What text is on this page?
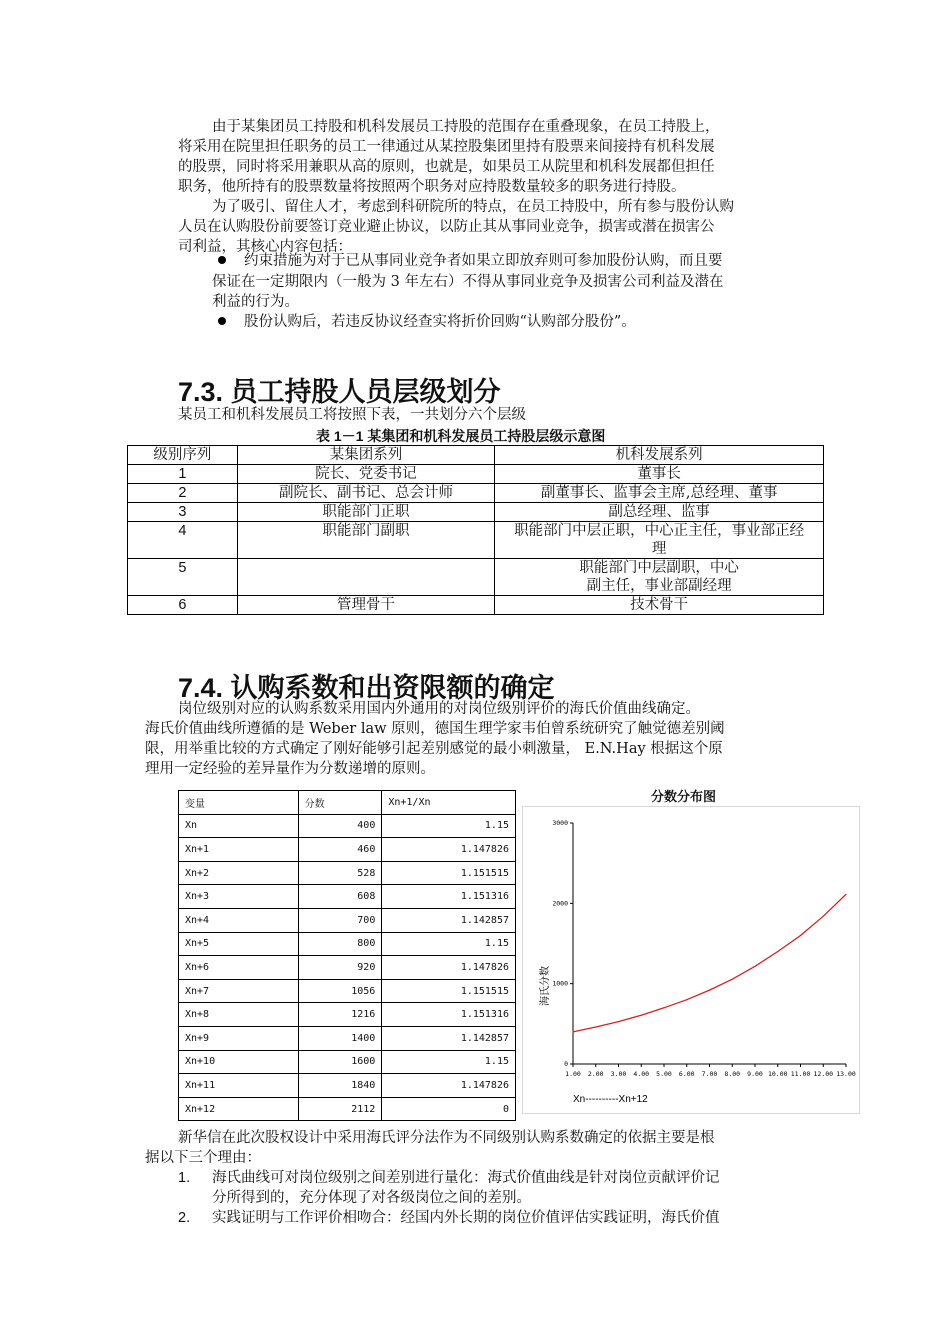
由于某集团员工持股和机科发展员工持股的范围存在重叠现象，在员工持股上，
将采用在院里担任职务的员工一律通过从某控股集团里持有股票来间接持有机科发展
的股票，同时将采用兼职从高的原则，也就是，如果员工从院里和机科发展都但担任
职务，他所持有的股票数量将按照两个职务对应持股数量较多的职务进行持股。
为了吸引、留住人才，考虑到科研院所的特点，在员工持股中，所有参与股份认购
人员在认购股份前要签订竞业避止协议，以防止其从事同业竞争，损害或潜在损害公
司利益，其核心内容包括：
约束措施为对于已从事同业竞争者如果立即放弃则可参加股份认购，而且要
保证在一定期限内（一般为 3 年左右）不得从事同业竞争及损害公司利益及潜在
利益的行为。
股份认购后，若违反协议经查实将折价回购“认购部分股份”。
7.3. 员工持股人员层级划分
某员工和机科发展员工将按照下表，一共划分六个层级
表 1－1 某集团和机科发展员工持股层级示意图
级别序列	某集团系列	机科发展系列
1	院长、党委书记	董事长
2	副院长、副书记、总会计师	副董事长、监事会主席,总经理、董事
3	职能部门正职	副总经理、监事
4	职能部门副职	职能部门中层正职，中心正主任，事业部正经理
5		职能部门中层副职，中心副主任，事业部副经理
6	管理骨干	技术骨干
7.4. 认购系数和出资限额的确定
岗位级别对应的认购系数采用国内外通用的对岗位级别评价的海氏价值曲线确定。
海氏价值曲线所遵循的是 Weber law 原则，德国生理学家韦伯曾系统研究了触觉德差别阈
限，用举重比较的方式确定了刚好能够引起差别感觉的最小刺激量， E.N.Hay 根据这个原
理用一定经验的差异量作为分数递增的原则。
变量	分数	Xn+1/Xn
Xn	400	1.15
Xn+1	460	1.147826
Xn+2	528	1.151515
Xn+3	608	1.151316
Xn+4	700	1.142857
Xn+5	800	1.15
Xn+6	920	1.147826
Xn+7	1056	1.151515
Xn+8	1216	1.151316
Xn+9	1400	1.142857
Xn+10	1600	1.15
Xn+11	1840	1.147826
Xn+12	2112	0
分数分布图
0
1000
2000
3000
1.00 2.00 3.00 4.00 5.00 6.00 7.00 8.00 9.00 10.00 11.00 12.00 13.00
海氏分数
Xn----------Xn+12
新华信在此次股权设计中采用海氏评分法作为不同级别认购系数确定的依据主要是根
据以下三个理由：
1. 海氏曲线可对岗位级别之间差别进行量化：海式价值曲线是针对岗位贡献评价记
分所得到的，充分体现了对各级岗位之间的差别。
2. 实践证明与工作评价相吻合：经国内外长期的岗位价值评估实践证明，海氏价值
